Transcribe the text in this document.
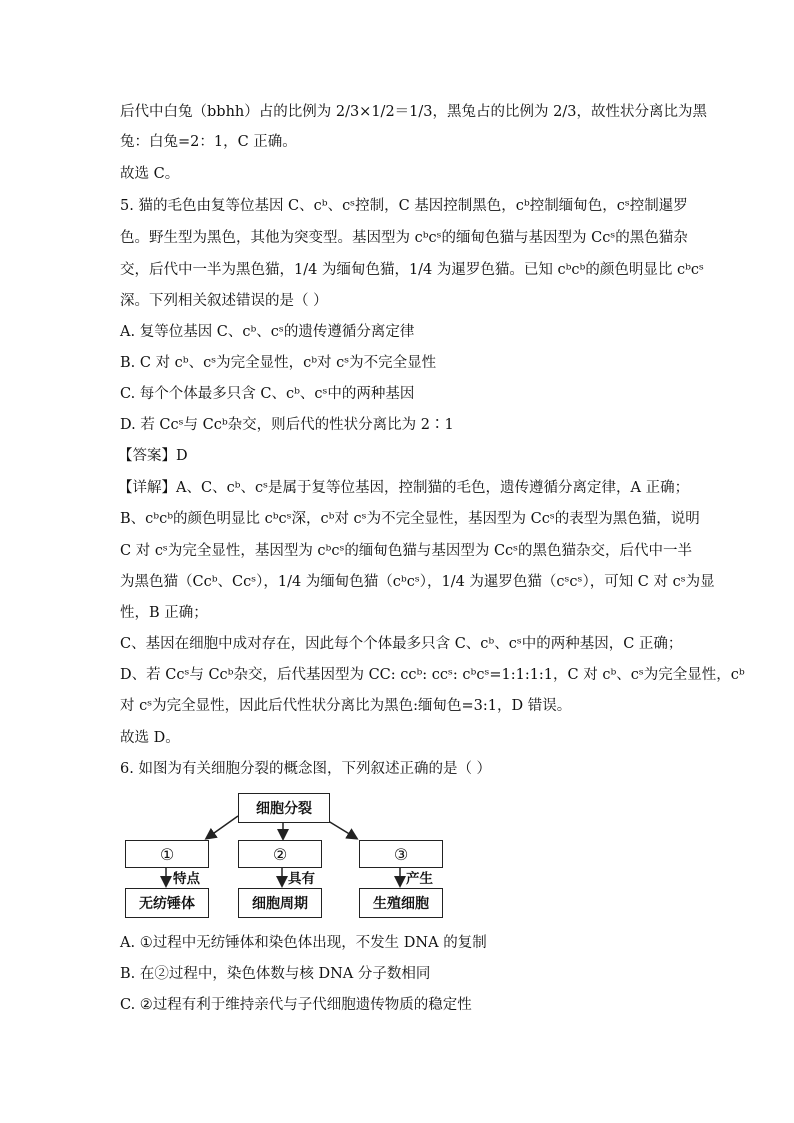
后代中白兔（bbhh）占的比例为 2/3×1/2＝1/3，黑兔占的比例为 2/3，故性状分离比为黑
兔：白兔=2：1，C 正确。
故选 C。
5. 猫的毛色由复等位基因 C、cᵇ、cˢ控制，C 基因控制黑色，cᵇ控制缅甸色，cˢ控制暹罗
色。野生型为黑色，其他为突变型。基因型为 cᵇcˢ的缅甸色猫与基因型为 Ccˢ的黑色猫杂
交，后代中一半为黑色猫，1/4 为缅甸色猫，1/4 为暹罗色猫。已知 cᵇcᵇ的颜色明显比 cᵇcˢ
深。下列相关叙述错误的是（ ）
A. 复等位基因 C、cᵇ、cˢ的遗传遵循分离定律
B. C 对 cᵇ、cˢ为完全显性，cᵇ对 cˢ为不完全显性
C. 每个个体最多只含 C、cᵇ、cˢ中的两种基因
D. 若 Ccˢ与 Ccᵇ杂交，则后代的性状分离比为 2∶1
【答案】D
【详解】A、C、cᵇ、cˢ是属于复等位基因，控制猫的毛色，遗传遵循分离定律，A 正确；
B、cᵇcᵇ的颜色明显比 cᵇcˢ深，cᵇ对 cˢ为不完全显性，基因型为 Ccˢ的表型为黑色猫，说明
C 对 cˢ为完全显性，基因型为 cᵇcˢ的缅甸色猫与基因型为 Ccˢ的黑色猫杂交，后代中一半
为黑色猫（Ccᵇ、Ccˢ），1/4 为缅甸色猫（cᵇcˢ），1/4 为暹罗色猫（cˢcˢ），可知 C 对 cˢ为显
性，B 正确；
C、基因在细胞中成对存在，因此每个个体最多只含 C、cᵇ、cˢ中的两种基因，C 正确；
D、若 Ccˢ与 Ccᵇ杂交，后代基因型为 CC: ccᵇ: ccˢ: cᵇcˢ=1:1:1:1，C 对 cᵇ、cˢ为完全显性，cᵇ
对 cˢ为完全显性，因此后代性状分离比为黑色:缅甸色=3:1，D 错误。
故选 D。
6. 如图为有关细胞分裂的概念图，下列叙述正确的是（ ）
细胞分裂
①	②	③
特点	具有	产生
无纺锤体	细胞周期	生殖细胞
A. ①过程中无纺锤体和染色体出现，不发生 DNA 的复制
B. 在②过程中，染色体数与核 DNA 分子数相同
C. ②过程有利于维持亲代与子代细胞遗传物质的稳定性
